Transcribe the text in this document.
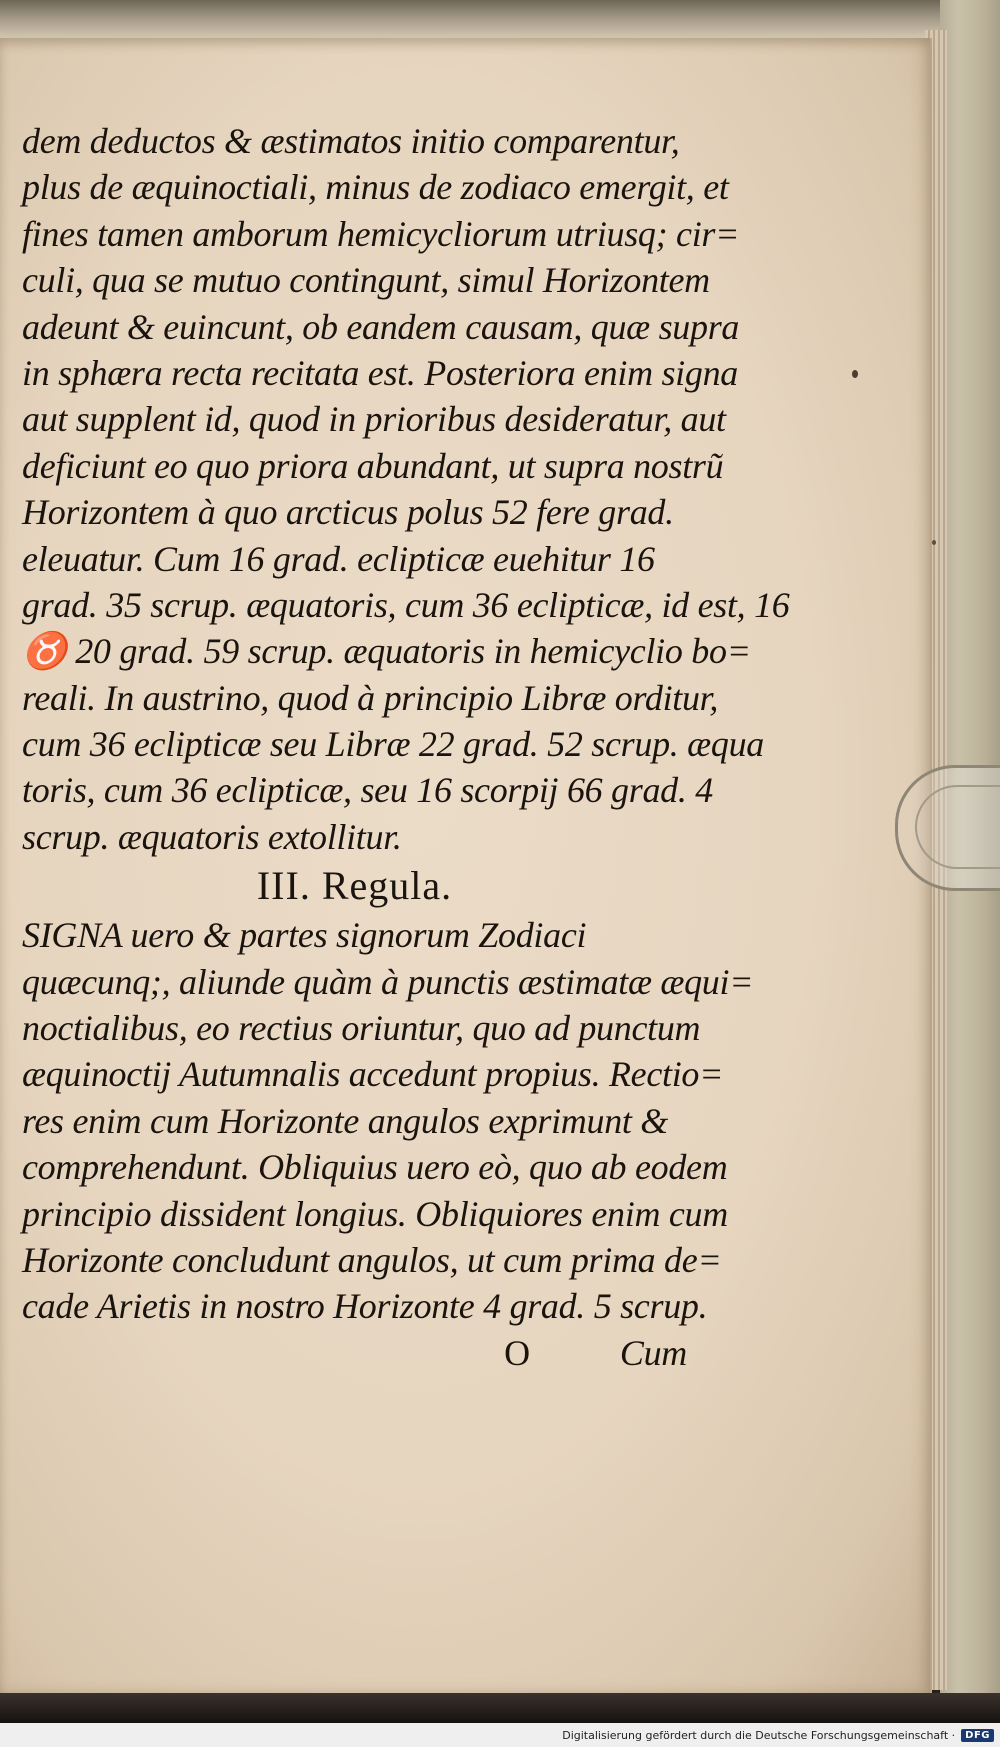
dem deductos & æstimatos initio comparentur,
plus de æquinoctiali, minus de zodiaco emergit, et
fines tamen amborum hemicycliorum utriusq; cir=
culi, qua se mutuo contingunt, simul Horizontem
adeunt & euincunt, ob eandem causam, quæ supra
in sphæra recta recitata est. Posteriora enim signa
aut supplent id, quod in prioribus desideratur, aut
deficiunt eo quo priora abundant, ut supra nostrũ
Horizontem à quo arcticus polus 52 fere grad.
eleuatur. Cum 16 grad. eclipticæ euehitur 16
grad. 35 scrup. æquatoris, cum 36 eclipticæ, id est, 16
♉ 20 grad. 59 scrup. æquatoris in hemicyclio bo=
reali. In austrino, quod à principio Libræ orditur,
cum 36 eclipticæ seu Libræ 22 grad. 52 scrup. æqua
toris, cum 36 eclipticæ, seu 16 scorpij 66 grad. 4
scrup. æquatoris extollitur.
III. Regula.
SIGNA uero & partes signorum Zodiaci
quæcunq;, aliunde quàm à punctis æstimatæ æqui=
noctialibus, eo rectius oriuntur, quo ad punctum
æquinoctij Autumnalis accedunt propius. Rectio=
res enim cum Horizonte angulos exprimunt &
comprehendunt. Obliquius uero eò, quo ab eodem
principio dissident longius. Obliquiores enim cum
Horizonte concludunt angulos, ut cum prima de=
cade Arietis in nostro Horizonte 4 grad. 5 scrup.
O	Cum
Digitalisierung gefördert durch die Deutsche Forschungsgemeinschaft ·	DFG
